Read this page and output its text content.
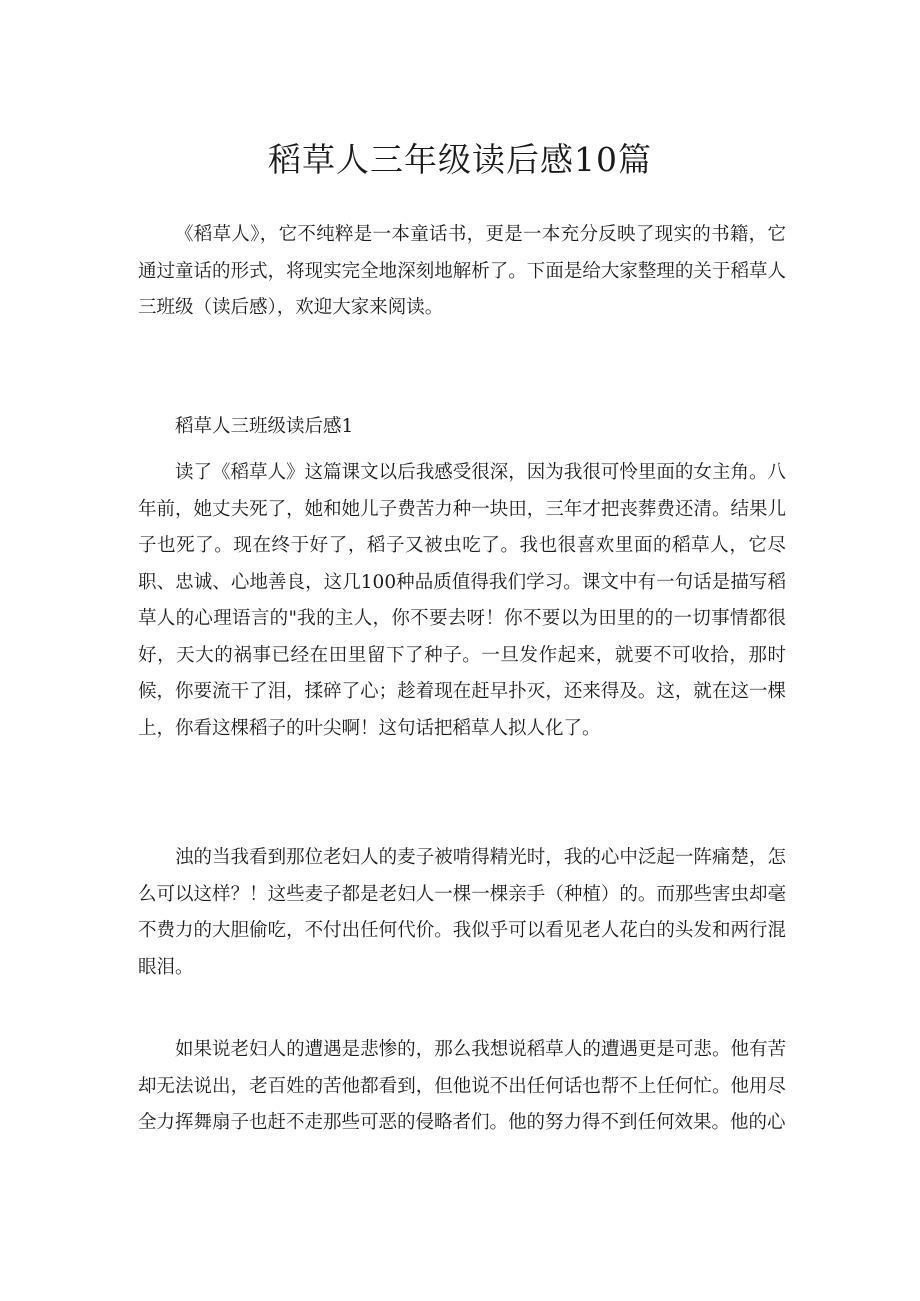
稻草人三年级读后感10篇

《稻草人》，它不纯粹是一本童话书，更是一本充分反映了现实的书籍，它通过童话的形式，将现实完全地深刻地解析了。下面是给大家整理的关于稻草人三班级（读后感），欢迎大家来阅读。

稻草人三班级读后感1

读了《稻草人》这篇课文以后我感受很深，因为我很可怜里面的女主角。八年前，她丈夫死了，她和她儿子费苦力种一块田，三年才把丧葬费还清。结果儿子也死了。现在终于好了，稻子又被虫吃了。我也很喜欢里面的稻草人，它尽职、忠诚、心地善良，这几100种品质值得我们学习。课文中有一句话是描写稻草人的心理语言的"我的主人，你不要去呀！你不要以为田里的的一切事情都很好，天大的祸事已经在田里留下了种子。一旦发作起来，就要不可收拾，那时候，你要流干了泪，揉碎了心；趁着现在赶早扑灭，还来得及。这，就在这一棵上，你看这棵稻子的叶尖啊！这句话把稻草人拟人化了。

浊的当我看到那位老妇人的麦子被啃得精光时，我的心中泛起一阵痛楚，怎么可以这样？！这些麦子都是老妇人一棵一棵亲手（种植）的。而那些害虫却毫不费力的大胆偷吃，不付出任何代价。我似乎可以看见老人花白的头发和两行混眼泪。

如果说老妇人的遭遇是悲惨的，那么我想说稻草人的遭遇更是可悲。他有苦却无法说出，老百姓的苦他都看到，但他说不出任何话也帮不上任何忙。他用尽全力挥舞扇子也赶不走那些可恶的侵略者们。他的努力得不到任何效果。他的心
